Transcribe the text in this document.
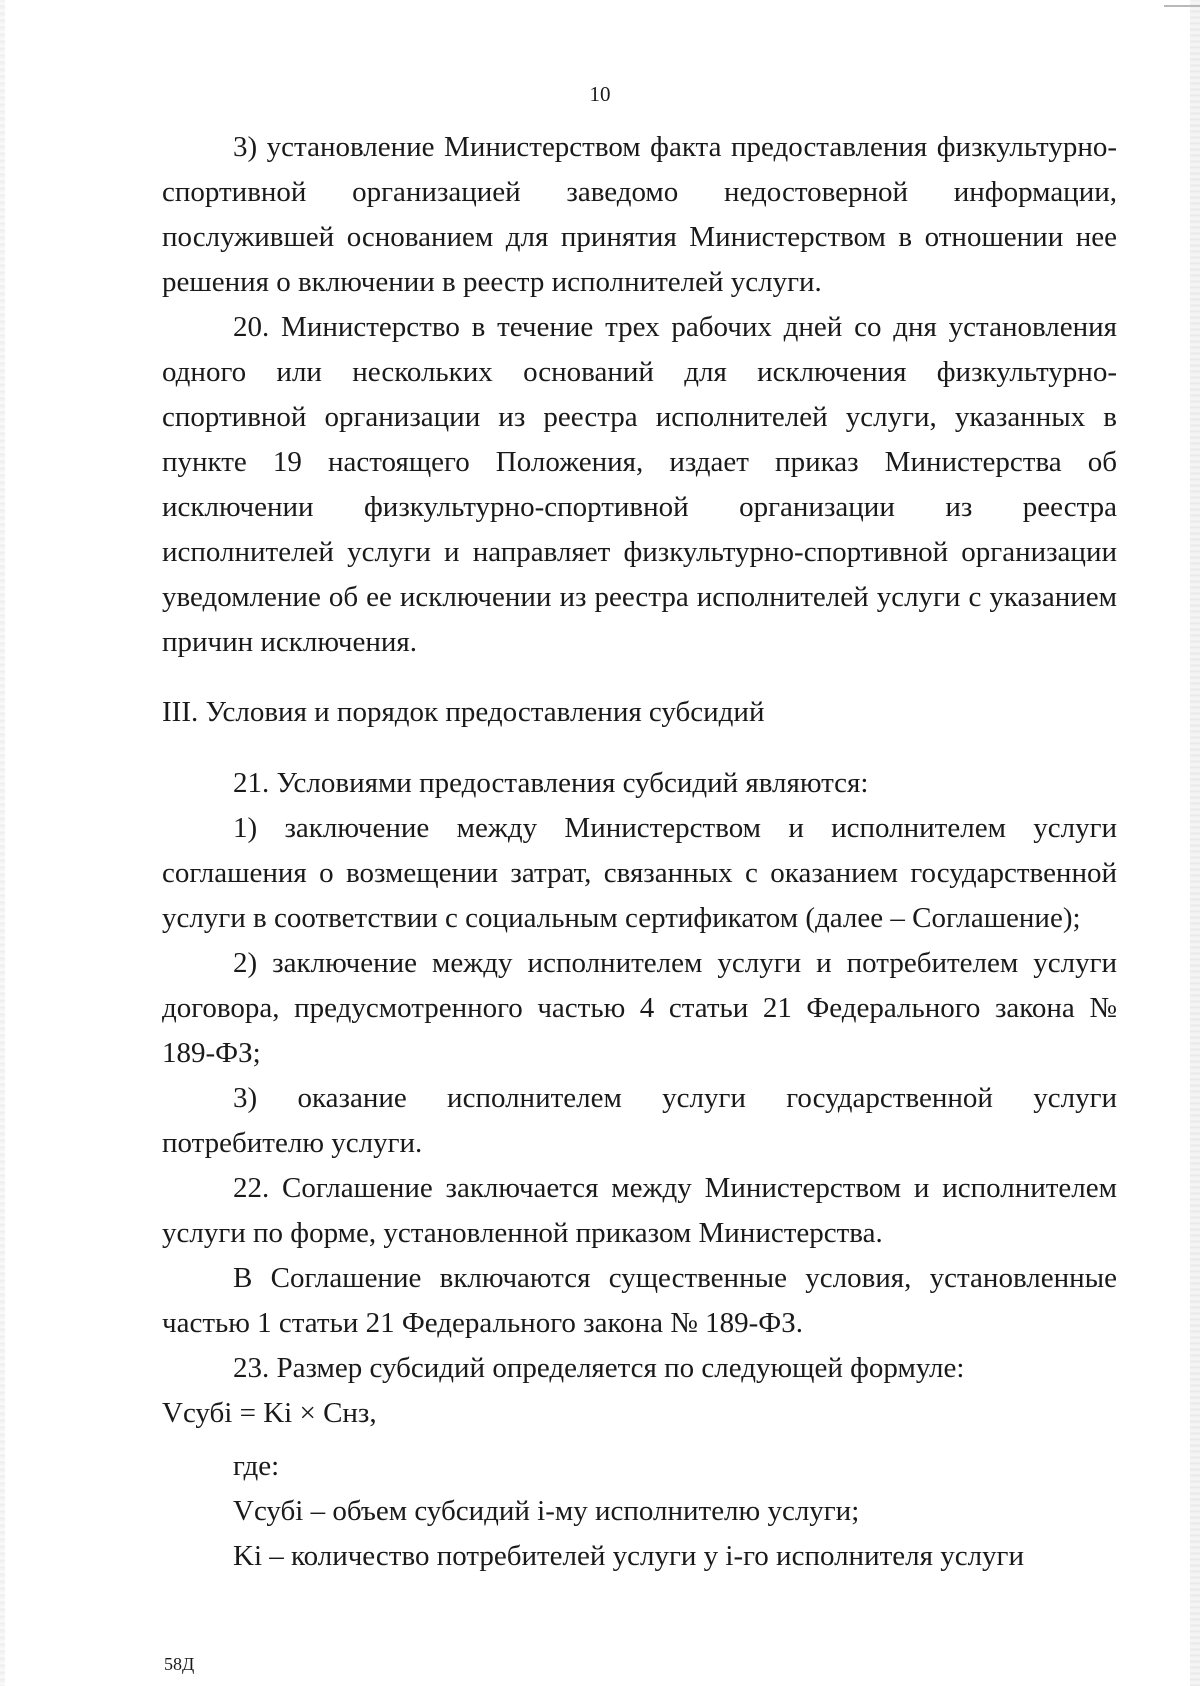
10

3) установление Министерством факта предоставления физкультурно-спортивной организацией заведомо недостоверной информации, послужившей основанием для принятия Министерством в отношении нее решения о включении в реестр исполнителей услуги.

20. Министерство в течение трех рабочих дней со дня установления одного или нескольких оснований для исключения физкультурно-спортивной организации из реестра исполнителей услуги, указанных в пункте 19 настоящего Положения, издает приказ Министерства об исключении физкультурно-спортивной организации из реестра исполнителей услуги и направляет физкультурно-спортивной организации уведомление об ее исключении из реестра исполнителей услуги с указанием причин исключения.

III. Условия и порядок предоставления субсидий

21. Условиями предоставления субсидий являются:

1) заключение между Министерством и исполнителем услуги соглашения о возмещении затрат, связанных с оказанием государственной услуги в соответствии с социальным сертификатом (далее – Соглашение);

2) заключение между исполнителем услуги и потребителем услуги договора, предусмотренного частью 4 статьи 21 Федерального закона № 189-ФЗ;

3) оказание исполнителем услуги государственной услуги потребителю услуги.

22. Соглашение заключается между Министерством и исполнителем услуги по форме, установленной приказом Министерства.

В Соглашение включаются существенные условия, установленные частью 1 статьи 21 Федерального закона № 189-ФЗ.

23. Размер субсидий определяется по следующей формуле:

Vсубi = Ki × Снз,

где:

Vсубi – объем субсидий i-му исполнителю услуги;

Ki – количество потребителей услуги у i-го исполнителя услуги

58Д
